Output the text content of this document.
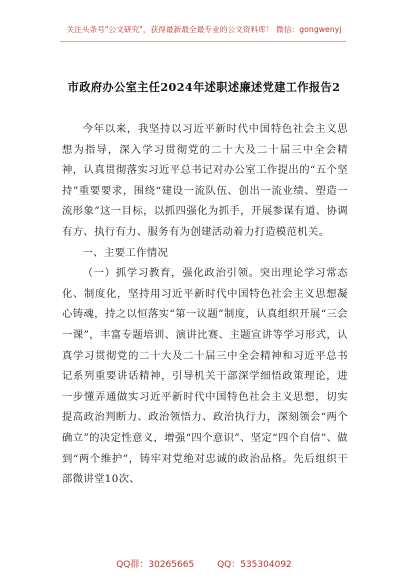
关注头条号"公文研究"，获得最新最全最专业的公文资料库！ 微信：gongwenyj
市政府办公室主任2024年述职述廉述党建工作报告2

今年以来，我坚持以习近平新时代中国特色社会主义思想为指导，深入学习贯彻党的二十大及二十届三中全会精神，认真贯彻落实习近平总书记对办公室工作提出的“五个坚持”重要要求，围绕“建设一流队伍、创出一流业绩、塑造一流形象”这一目标，以抓四强化为抓手，开展参谋有道、协调有方、执行有力、服务有为创建活动着力打造模范机关。

一、主要工作情况

（一）抓学习教育，强化政治引领。突出理论学习常态化、制度化，坚持用习近平新时代中国特色社会主义思想凝心铸魂，持之以恒落实“第一议题”制度，认真组织开展“三会一课”，丰富专题培训、演讲比赛、主题宣讲等学习形式，认真学习贯彻党的二十大及二十届三中全会精神和习近平总书记系列重要讲话精神，引导机关干部深学细悟政策理论，进一步懂弄通做实习近平新时代中国特色社会主义思想，切实提高政治判断力、政治领悟力、政治执行力，深刻领会“两个确立”的决定性意义，增强“四个意识”、坚定“四个自信”、做到“两个维护”，铸牢对党绝对忠诚的政治品格。先后组织干部微讲堂10次、

QQ群：30265665        QQ：535304092
